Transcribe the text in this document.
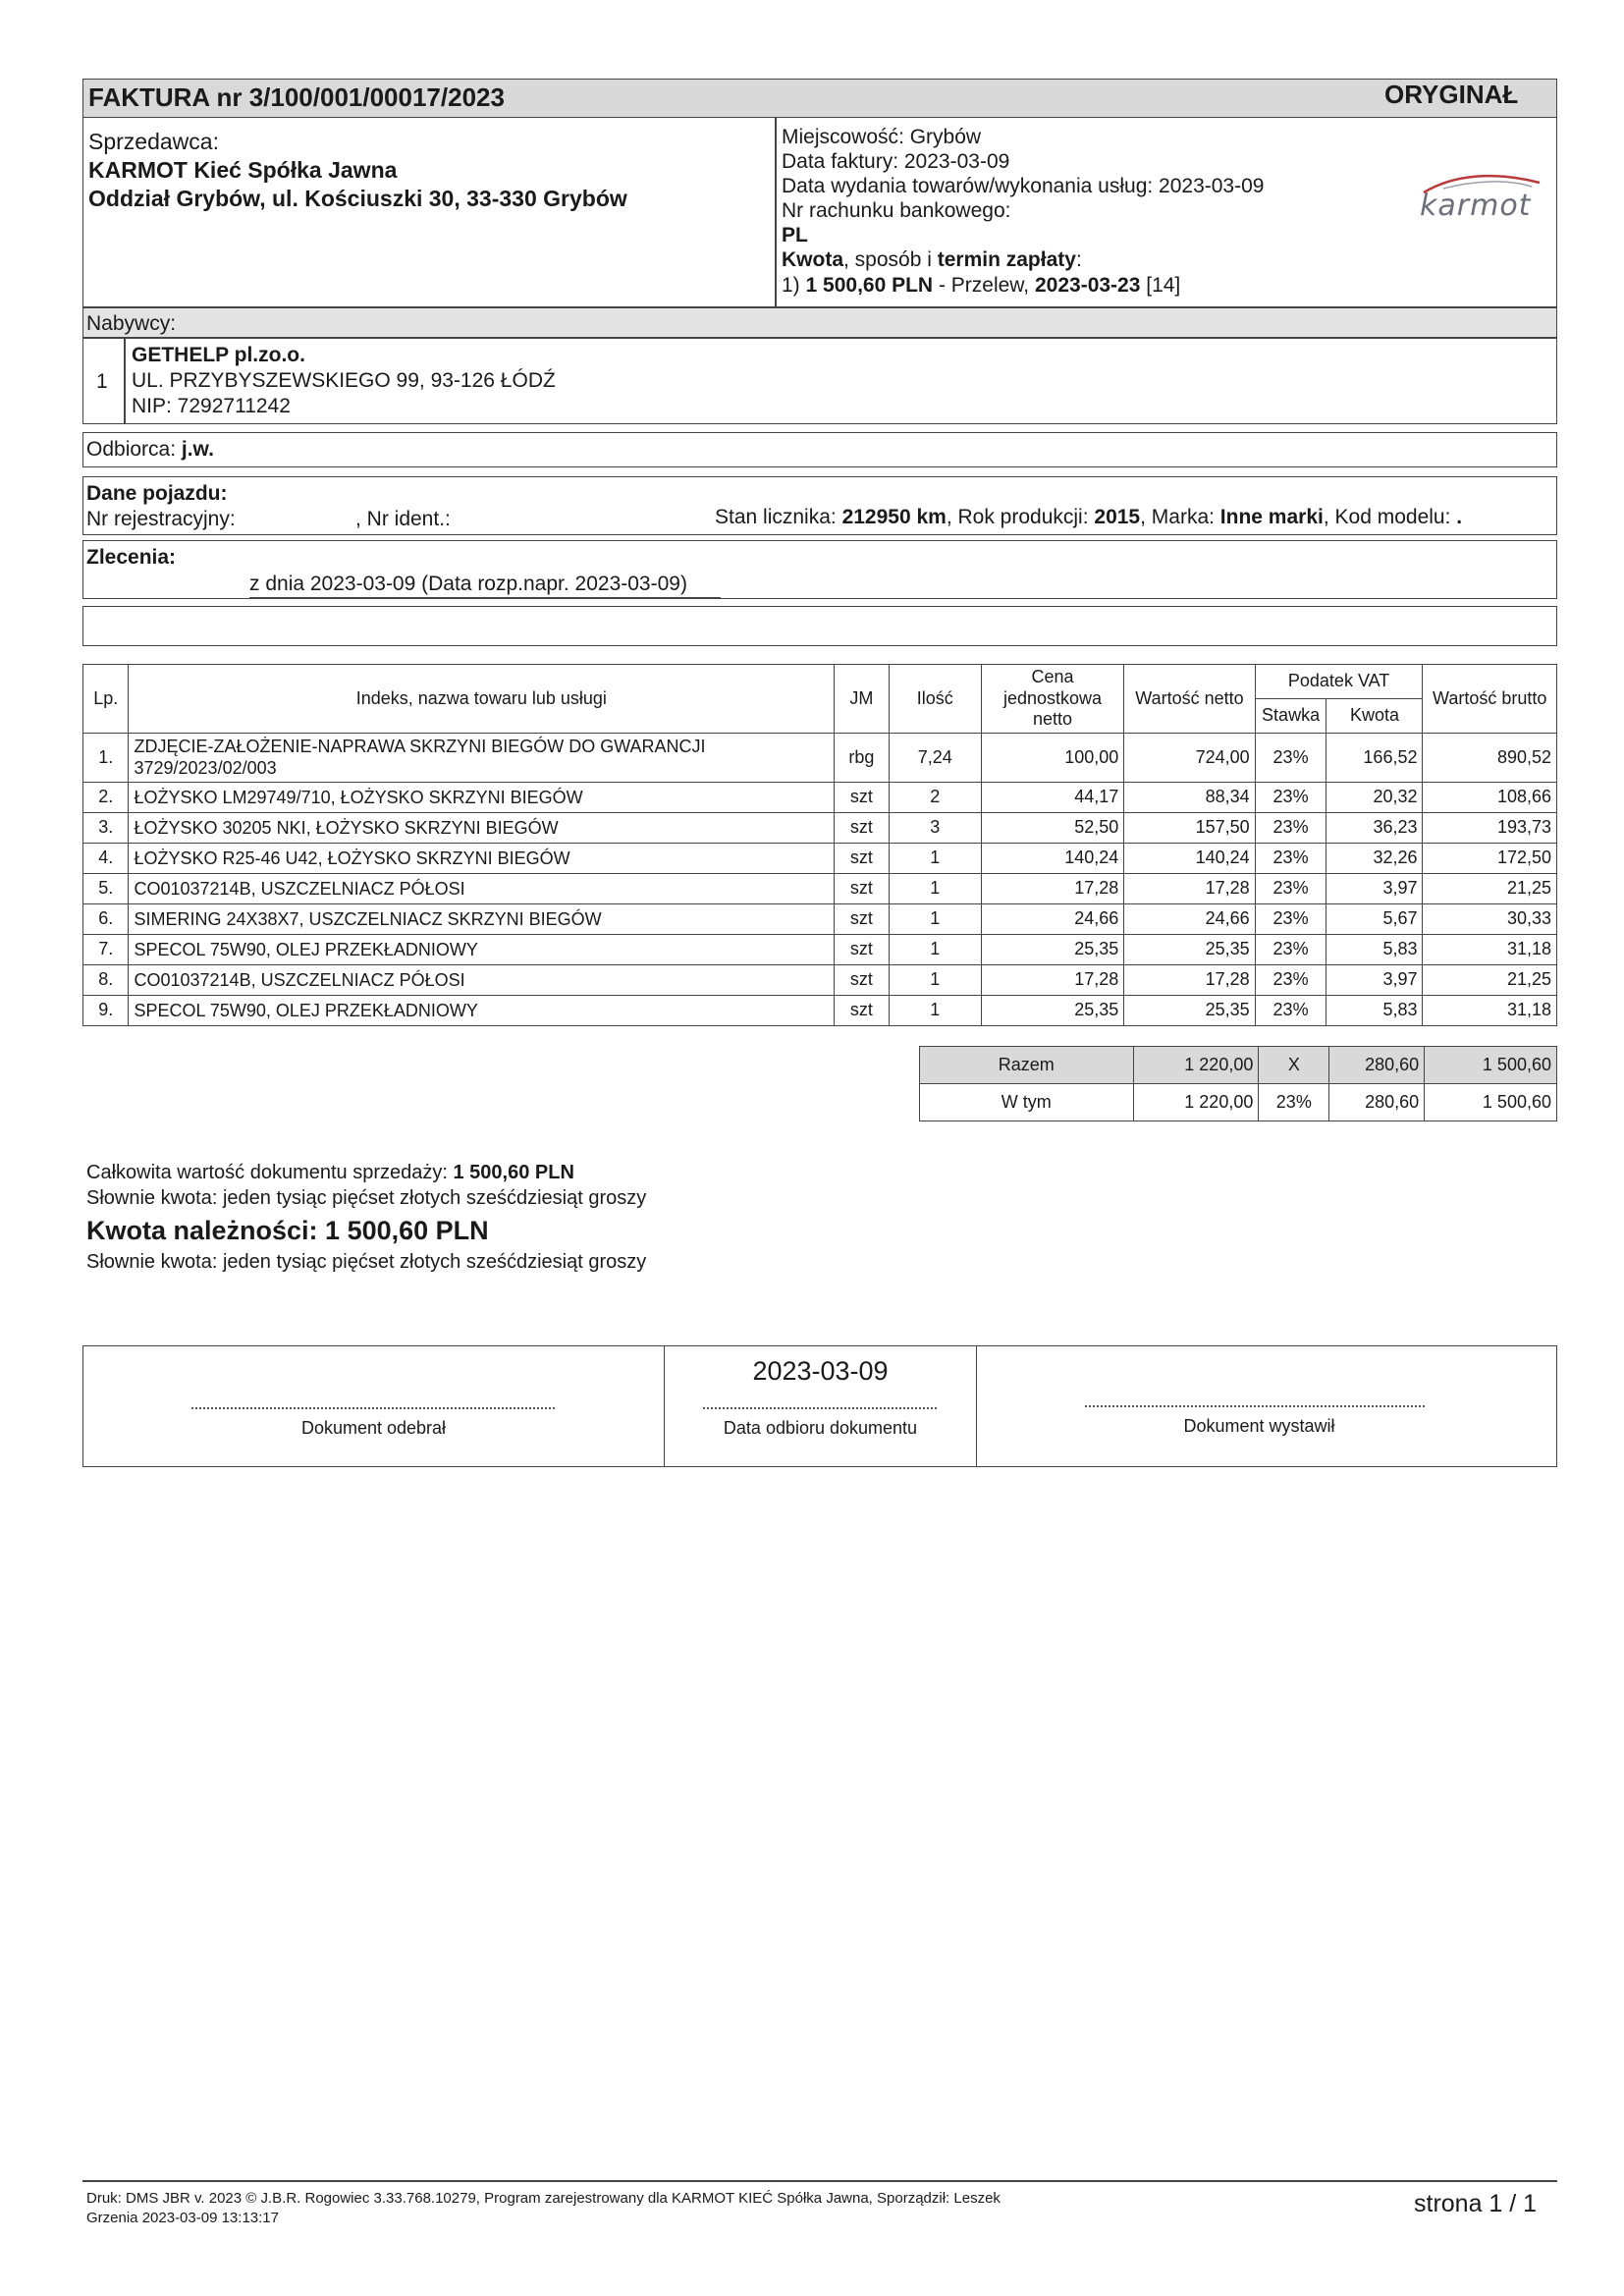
FAKTURA nr 3/100/001/00017/2023	ORYGINAŁ
Sprzedawca:
KARMOT Kieć Spółka Jawna
Oddział Grybów, ul. Kościuszki 30, 33-330 Grybów
Miejscowość: Grybów
Data faktury: 2023-03-09
Data wydania towarów/wykonania usług: 2023-03-09
Nr rachunku bankowego:
PL
Kwota, sposób i termin zapłaty:
1) 1 500,60 PLN - Przelew, 2023-03-23 [14]
karmot
Nabywcy:
1
GETHELP pl.zo.o.
UL. PRZYBYSZEWSKIEGO 99, 93-126 ŁÓDŹ
NIP: 7292711242
Odbiorca: j.w.
Dane pojazdu:
Nr rejestracyjny:	, Nr ident.:	Stan licznika: 212950 km, Rok produkcji: 2015, Marka: Inne marki, Kod modelu: .
Zlecenia:
z dnia 2023-03-09 (Data rozp.napr. 2023-03-09)
Lp.	Indeks, nazwa towaru lub usługi	JM	Ilość	Cena jednostkowa netto	Wartość netto	Podatek VAT		Wartość brutto
						Stawka	Kwota	
1.	ZDJĘCIE-ZAŁOŻENIE-NAPRAWA SKRZYNI BIEGÓW DO GWARANCJI 3729/2023/02/003	rbg	7,24	100,00	724,00	23%	166,52	890,52
2.	ŁOŻYSKO LM29749/710, ŁOŻYSKO SKRZYNI BIEGÓW	szt	2	44,17	88,34	23%	20,32	108,66
3.	ŁOŻYSKO 30205 NKI, ŁOŻYSKO SKRZYNI BIEGÓW	szt	3	52,50	157,50	23%	36,23	193,73
4.	ŁOŻYSKO R25-46 U42, ŁOŻYSKO SKRZYNI BIEGÓW	szt	1	140,24	140,24	23%	32,26	172,50
5.	CO01037214B, USZCZELNIACZ PÓŁOSI	szt	1	17,28	17,28	23%	3,97	21,25
6.	SIMERING 24X38X7, USZCZELNIACZ SKRZYNI BIEGÓW	szt	1	24,66	24,66	23%	5,67	30,33
7.	SPECOL 75W90, OLEJ PRZEKŁADNIOWY	szt	1	25,35	25,35	23%	5,83	31,18
8.	CO01037214B, USZCZELNIACZ PÓŁOSI	szt	1	17,28	17,28	23%	3,97	21,25
9.	SPECOL 75W90, OLEJ PRZEKŁADNIOWY	szt	1	25,35	25,35	23%	5,83	31,18
Razem	1 220,00	X	280,60	1 500,60
W tym	1 220,00	23%	280,60	1 500,60
Całkowita wartość dokumentu sprzedaży: 1 500,60 PLN
Słownie kwota: jeden tysiąc pięćset złotych sześćdziesiąt groszy
Kwota należności: 1 500,60 PLN
Słownie kwota: jeden tysiąc pięćset złotych sześćdziesiąt groszy
Dokument odebrał
2023-03-09
Data odbioru dokumentu	Dokument wystawił
Druk: DMS JBR v. 2023 © J.B.R. Rogowiec 3.33.768.10279, Program zarejestrowany dla KARMOT KIEĆ Spółka Jawna, Sporządził: Leszek
Grzenia 2023-03-09 13:13:17
strona 1 / 1
